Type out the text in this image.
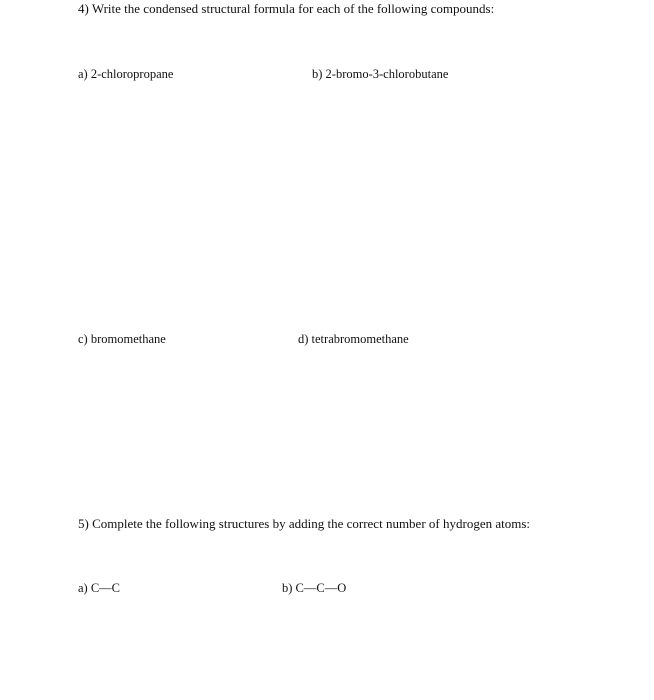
4) Write the condensed structural formula for each of the following compounds:
a) 2-chloropropane	b) 2-bromo-3-chlorobutane
c) bromomethane	d) tetrabromomethane
5) Complete the following structures by adding the correct number of hydrogen atoms:
a) C—C	b) C—C—O
